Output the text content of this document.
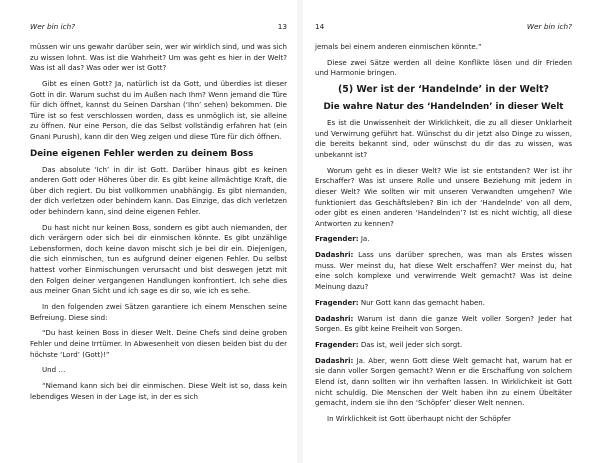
Wer bin ich?	13

müssen wir uns gewahr darüber sein, wer wir wirklich sind, und was sich zu wissen lohnt. Was ist die Wahrheit? Um was geht es hier in der Welt? Was ist all das? Was oder wer ist Gott?

Gibt es einen Gott? Ja, natürlich ist da Gott, und überdies ist dieser Gott in dir. Warum suchst du im Außen nach Ihm? Wenn jemand die Türe für dich öffnet, kannst du Seinen Darshan (‘Ihn’ sehen) bekommen. Die Türe ist so fest verschlossen worden, dass es unmöglich ist, sie alleine zu öffnen. Nur eine Person, die das Selbst vollständig erfahren hat (ein Gnani Purush), kann dir den Weg zeigen und diese Türe für dich öffnen.

Deine eigenen Fehler werden zu deinem Boss

Das absolute ‘Ich’ in dir ist Gott. Darüber hinaus gibt es keinen anderen Gott oder Höheres über dir. Es gibt keine allmächtige Kraft, die über dich regiert. Du bist vollkommen unabhängig. Es gibt niemanden, der dich verletzen oder behindern kann. Das Einzige, das dich verletzen oder behindern kann, sind deine eigenen Fehler.

Du hast nicht nur keinen Boss, sondern es gibt auch niemanden, der dich verärgern oder sich bei dir einmischen könnte. Es gibt unzählige Lebensformen, doch keine davon mischt sich je bei dir ein. Diejenigen, die sich einmischen, tun es aufgrund deiner eigenen Fehler. Du selbst hattest vorher Einmischungen verursacht und bist deswegen jetzt mit den Folgen deiner vergangenen Handlungen konfrontiert. Ich sehe dies aus meiner Gnan Sicht und ich sage es dir so, wie ich es sehe.

In den folgenden zwei Sätzen garantiere ich einem Menschen seine Befreiung. Diese sind:

“Du hast keinen Boss in dieser Welt. Deine Chefs sind deine groben Fehler und deine Irrtümer. In Abwesenheit von diesen beiden bist du der höchste ‘Lord’ (Gott)!”

Und …

“Niemand kann sich bei dir einmischen. Diese Welt ist so, dass kein lebendiges Wesen in der Lage ist, in der es sich

14	Wer bin ich?

jemals bei einem anderen einmischen könnte.”

Diese zwei Sätze werden all deine Konflikte lösen und dir Frieden und Harmonie bringen.

(5) Wer ist der ‘Handelnde’ in der Welt?
Die wahre Natur des ‘Handelnden’ in dieser Welt

Es ist die Unwissenheit der Wirklichkeit, die zu all dieser Unklarheit und Verwirrung geführt hat. Wünschst du dir jetzt also Dinge zu wissen, die bereits bekannt sind, oder wünschst du dir das zu wissen, was unbekannt ist?

Worum geht es in dieser Welt? Wie ist sie entstanden? Wer ist ihr Erschaffer? Was ist unsere Rolle und unsere Beziehung mit jedem in dieser Welt? Wie sollten wir mit unseren Verwandten umgehen? Wie funktioniert das Geschäftsleben? Bin ich der ‘Handelnde’ von all dem, oder gibt es einen anderen ‘Handelnden’? Ist es nicht wichtig, all diese Antworten zu kennen?

Fragender: Ja.

Dadashri: Lass uns darüber sprechen, was man als Erstes wissen muss. Wer meinst du, hat diese Welt erschaffen? Wer meinst du, hat eine solch komplexe und verwirrende Welt gemacht? Was ist deine Meinung dazu?

Fragender: Nur Gott kann das gemacht haben.

Dadashri: Warum ist dann die ganze Welt voller Sorgen? Jeder hat Sorgen. Es gibt keine Freiheit von Sorgen.

Fragender: Das ist, weil jeder sich sorgt.

Dadashri: Ja. Aber, wenn Gott diese Welt gemacht hat, warum hat er sie dann voller Sorgen gemacht? Wenn er die Erschaffung von solchem Elend ist, dann sollten wir ihn verhaften lassen. In Wirklichkeit ist Gott nicht schuldig. Die Menschen der Welt haben ihn zu einem Übeltäter gemacht, indem sie ihn den ‘Schöpfer’ dieser Welt nennen.

In Wirklichkeit ist Gott überhaupt nicht der Schöpfer
